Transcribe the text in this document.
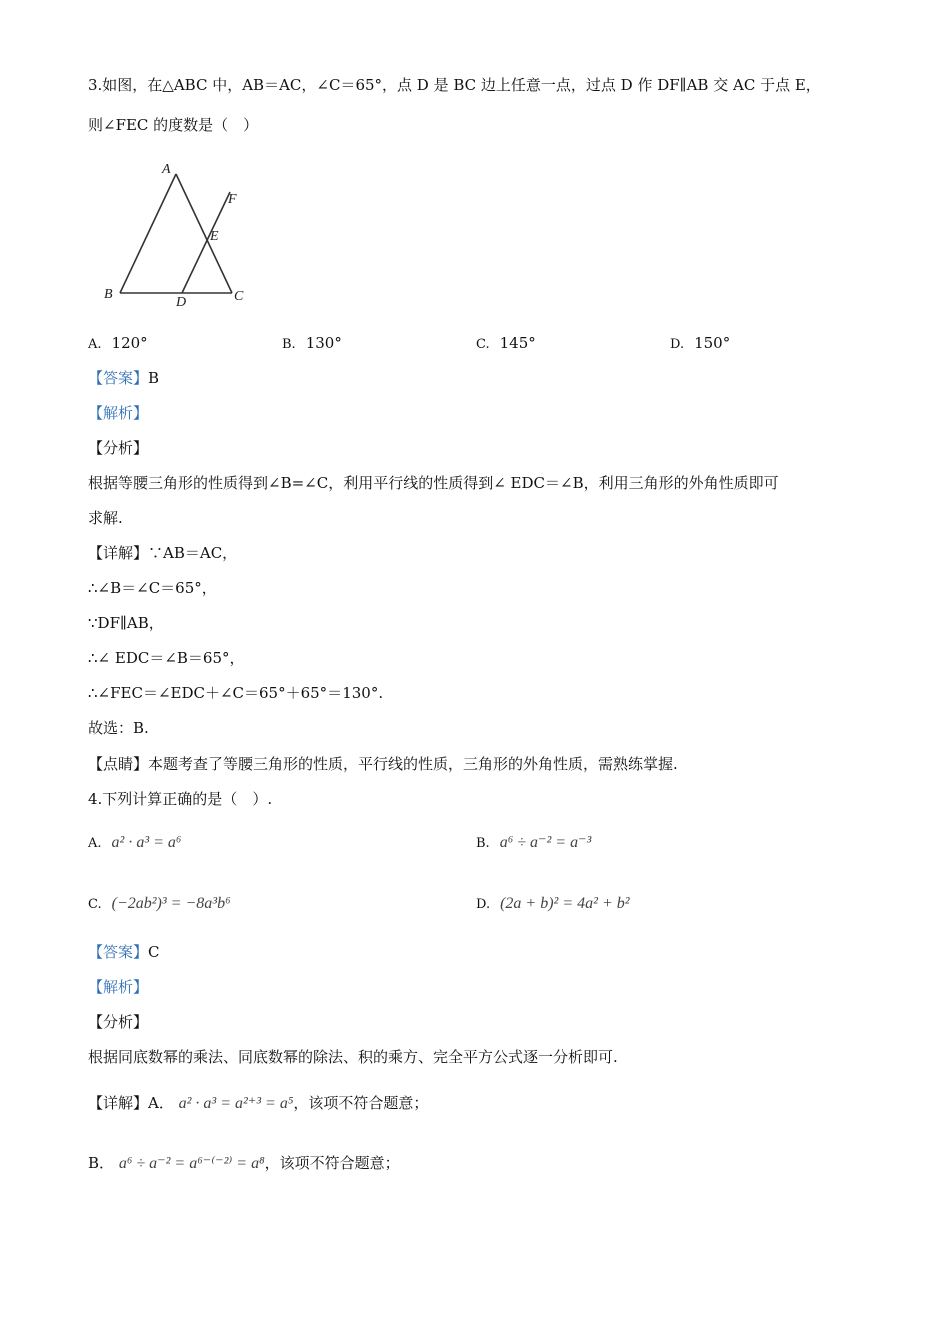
3.如图，在△ABC 中，AB＝AC，∠C＝65°，点 D 是 BC 边上任意一点，过点 D 作 DF∥AB 交 AC 于点 E，
则∠FEC 的度数是（　）
A
B	C
D
E
F
A. 120°	B. 130°	C. 145°	D. 150°
【答案】B
【解析】
【分析】
根据等腰三角形的性质得到∠B=∠C，利用平行线的性质得到∠ EDC＝∠B，利用三角形的外角性质即可
求解.
【详解】∵AB＝AC，
∴∠B＝∠C＝65°，
∵DF∥AB，
∴∠ EDC＝∠B＝65°，
∴∠FEC＝∠EDC＋∠C＝65°＋65°＝130°.
故选：B.
【点睛】本题考查了等腰三角形的性质，平行线的性质，三角形的外角性质，需熟练掌握.
4.下列计算正确的是（　）.
A. a² · a³ = a⁶	B. a⁶ ÷ a⁻² = a⁻³
C. (−2ab²)³ = −8a³b⁶	D. (2a + b)² = 4a² + b²
【答案】C
【解析】
【分析】
根据同底数幂的乘法、同底数幂的除法、积的乘方、完全平方公式逐一分析即可.
【详解】A． a² · a³ = a²⁺³ = a⁵，该项不符合题意；
B． a⁶ ÷ a⁻² = a⁶⁻⁽⁻²⁾ = a⁸，该项不符合题意；
